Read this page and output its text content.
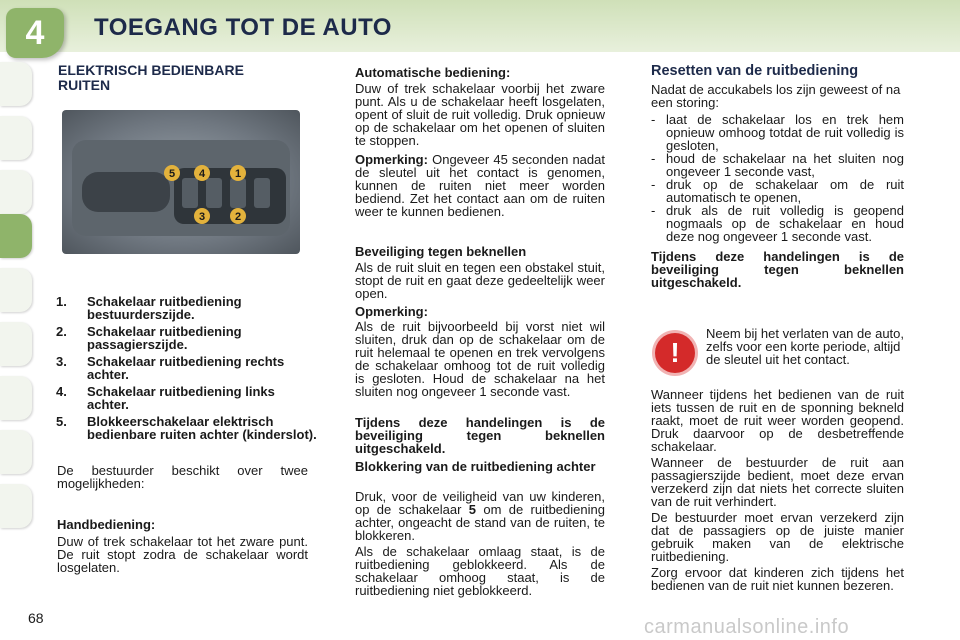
4	TOEGANG TOT DE AUTO
ELEKTRISCH BEDIENBARE
RUITEN
5 4	1
3	2
1. Schakelaar ruitbediening bestuurderszijde.
2. Schakelaar ruitbediening passagierszijde.
3. Schakelaar ruitbediening rechts achter.
4. Schakelaar ruitbediening links achter.
5. Blokkeerschakelaar elektrisch bedienbare ruiten achter (kinderslot).
De bestuurder beschikt over twee mogelijkheden:
Handbediening:
Duw of trek schakelaar tot het zware punt. De ruit stopt zodra de schakelaar wordt losgelaten.
Automatische bediening:
Duw of trek schakelaar voorbij het zware punt. Als u de schakelaar heeft losgelaten, opent of sluit de ruit volledig. Druk opnieuw op de schakelaar om het openen of sluiten te stoppen.
Opmerking: Ongeveer 45 seconden nadat de sleutel uit het contact is genomen, kunnen de ruiten niet meer worden bediend. Zet het contact aan om de ruiten weer te kunnen bedienen.
Beveiliging tegen beknellen
Als de ruit sluit en tegen een obstakel stuit, stopt de ruit en gaat deze gedeeltelijk weer open.
Opmerking:
Als de ruit bijvoorbeeld bij vorst niet wil sluiten, druk dan op de schakelaar om de ruit helemaal te openen en trek vervolgens de schakelaar omhoog tot de ruit volledig is gesloten. Houd de schakelaar na het sluiten nog ongeveer 1 seconde vast.
Tijdens deze handelingen is de beveiliging tegen beknellen uitgeschakeld.
Blokkering van de ruitbediening achter
Druk, voor de veiligheid van uw kinderen, op de schakelaar 5 om de ruitbediening achter, ongeacht de stand van de ruiten, te blokkeren.
Als de schakelaar omlaag staat, is de ruitbediening geblokkeerd. Als de schakelaar omhoog staat, is de ruitbediening niet geblokkeerd.
Resetten van de ruitbediening
Nadat de accukabels los zijn geweest of na een storing:
- laat de schakelaar los en trek hem opnieuw omhoog totdat de ruit volledig is gesloten,
- houd de schakelaar na het sluiten nog ongeveer 1 seconde vast,
- druk op de schakelaar om de ruit automatisch te openen,
- druk als de ruit volledig is geopend nogmaals op de schakelaar en houd deze nog ongeveer 1 seconde vast.
Tijdens deze handelingen is de beveiliging tegen beknellen uitgeschakeld.
!
Neem bij het verlaten van de auto, zelfs voor een korte periode, altijd de sleutel uit het contact.
Wanneer tijdens het bedienen van de ruit iets tussen de ruit en de sponning bekneld raakt, moet de ruit weer worden geopend. Druk daarvoor op de desbetreffende schakelaar.
Wanneer de bestuurder de ruit aan passagierszijde bedient, moet deze ervan verzekerd zijn dat niets het correcte sluiten van de ruit verhindert.
De bestuurder moet ervan verzekerd zijn dat de passagiers op de juiste manier gebruik maken van de elektrische ruitbediening.
Zorg ervoor dat kinderen zich tijdens het bedienen van de ruit niet kunnen bezeren.
68	carmanualsonline.info
